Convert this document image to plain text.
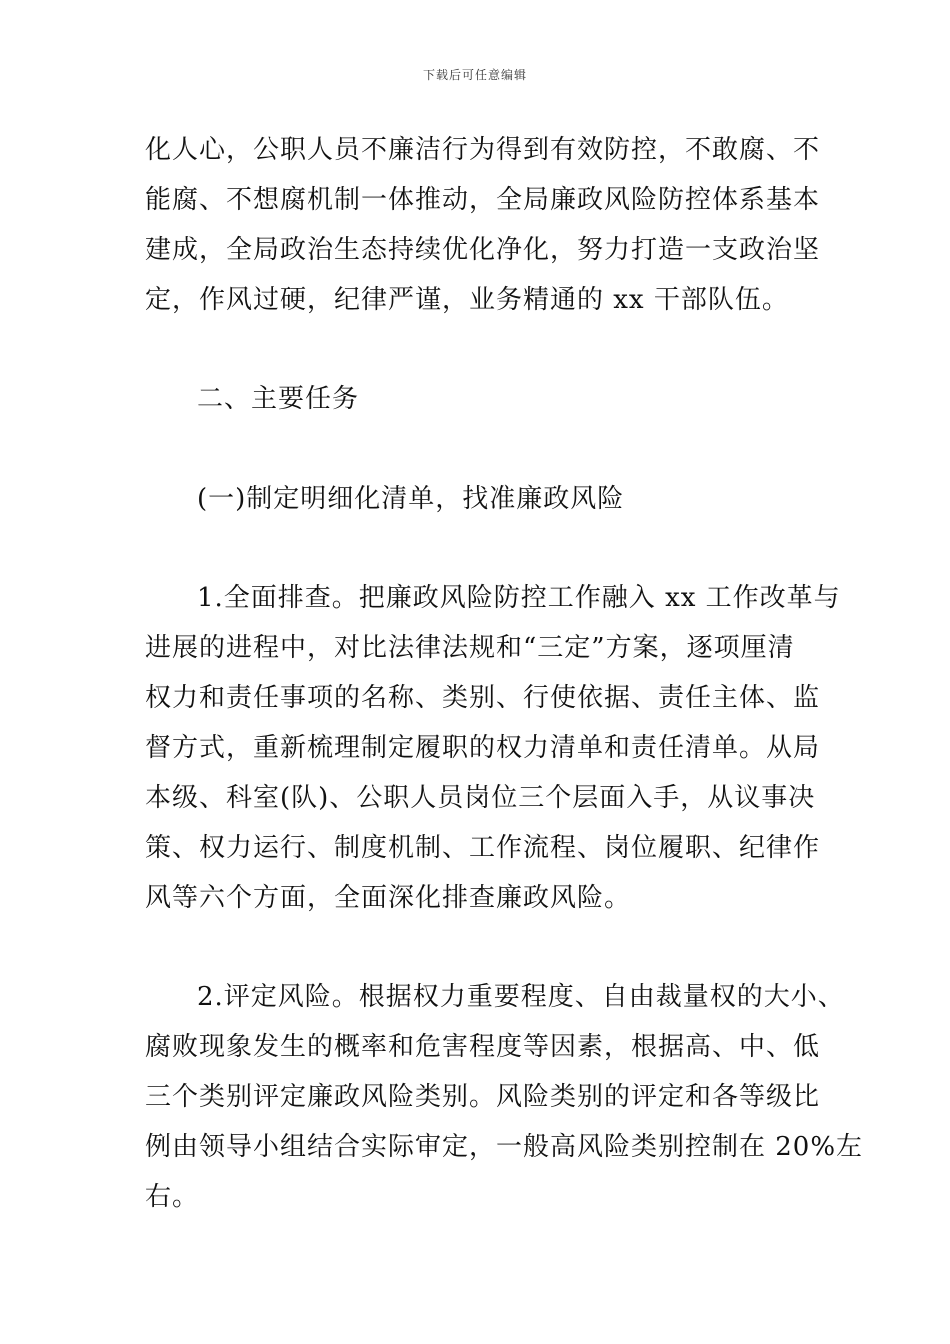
下载后可任意编辑
化人心，公职人员不廉洁行为得到有效防控，不敢腐、不
能腐、不想腐机制一体推动，全局廉政风险防控体系基本
建成，全局政治生态持续优化净化，努力打造一支政治坚
定，作风过硬，纪律严谨，业务精通的 xx 干部队伍。
二、主要任务
(一)制定明细化清单，找准廉政风险
1.全面排查。把廉政风险防控工作融入 xx 工作改革与
进展的进程中，对比法律法规和“三定”方案，逐项厘清
权力和责任事项的名称、类别、行使依据、责任主体、监
督方式，重新梳理制定履职的权力清单和责任清单。从局
本级、科室(队)、公职人员岗位三个层面入手，从议事决
策、权力运行、制度机制、工作流程、岗位履职、纪律作
风等六个方面，全面深化排查廉政风险。
2.评定风险。根据权力重要程度、自由裁量权的大小、
腐败现象发生的概率和危害程度等因素，根据高、中、低
三个类别评定廉政风险类别。风险类别的评定和各等级比
例由领导小组结合实际审定，一般高风险类别控制在 20%左
右。
